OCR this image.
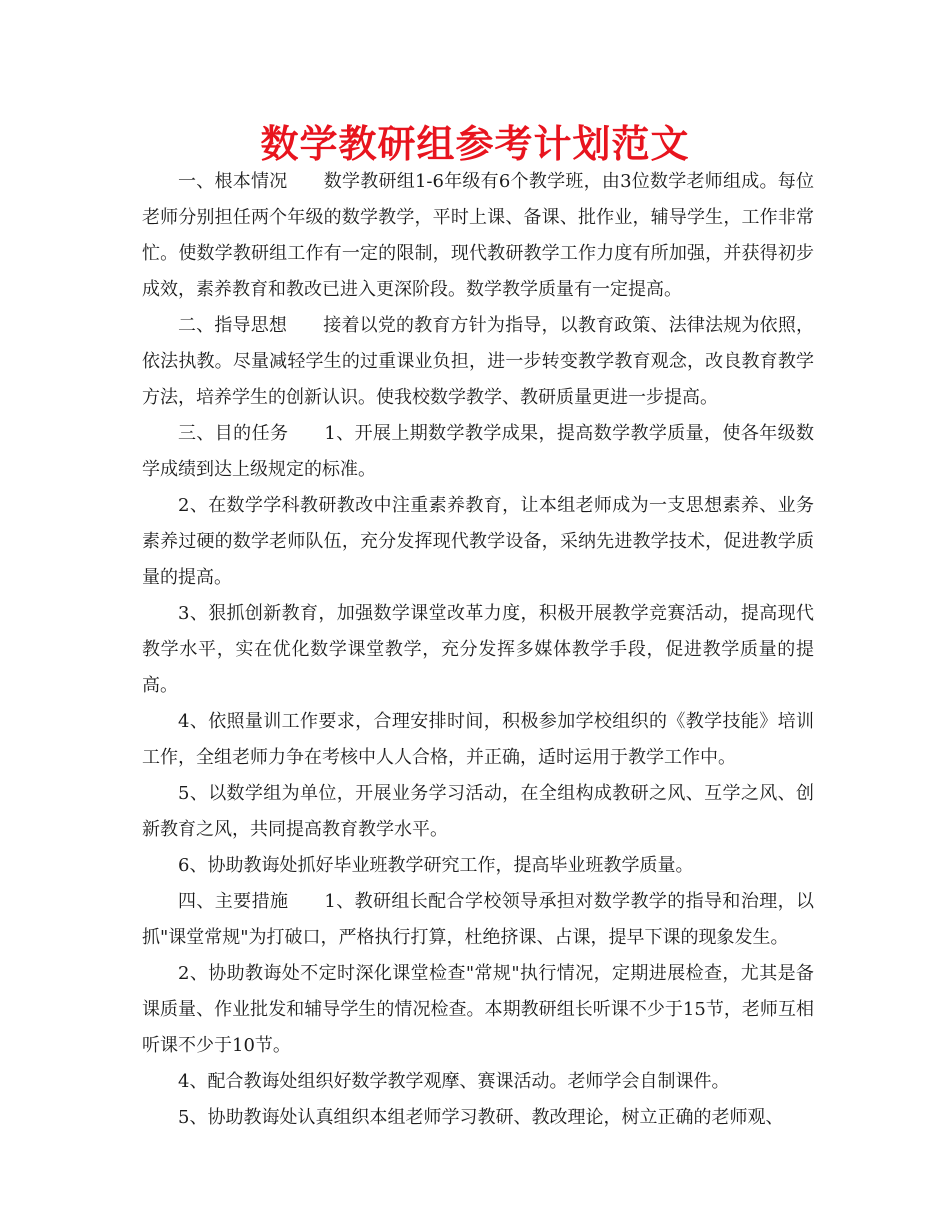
数学教研组参考计划范文

一、根本情况 数学教研组1-6年级有6个教学班，由3位数学老师组成。每位老师分别担任两个年级的数学教学，平时上课、备课、批作业，辅导学生，工作非常忙。使数学教研组工作有一定的限制，现代教研教学工作力度有所加强，并获得初步成效，素养教育和教改已进入更深阶段。数学教学质量有一定提高。

二、指导思想 接着以党的教育方针为指导，以教育政策、法律法规为依照，依法执教。尽量减轻学生的过重课业负担，进一步转变教学教育观念，改良教育教学方法，培养学生的创新认识。使我校数学教学、教研质量更进一步提高。

三、目的任务 1、开展上期数学教学成果，提高数学教学质量，使各年级数学成绩到达上级规定的标准。

2、在数学学科教研教改中注重素养教育，让本组老师成为一支思想素养、业务素养过硬的数学老师队伍，充分发挥现代教学设备，采纳先进教学技术，促进教学质量的提高。

3、狠抓创新教育，加强数学课堂改革力度，积极开展教学竞赛活动，提高现代教学水平，实在优化数学课堂教学，充分发挥多媒体教学手段，促进教学质量的提高。

4、依照量训工作要求，合理安排时间，积极参加学校组织的《教学技能》培训工作，全组老师力争在考核中人人合格，并正确，适时运用于教学工作中。

5、以数学组为单位，开展业务学习活动，在全组构成教研之风、互学之风、创新教育之风，共同提高教育教学水平。

6、协助教诲处抓好毕业班教学研究工作，提高毕业班教学质量。

四、主要措施 1、教研组长配合学校领导承担对数学教学的指导和治理，以抓"课堂常规"为打破口，严格执行打算，杜绝挤课、占课，提早下课的现象发生。

2、协助教诲处不定时深化课堂检查"常规"执行情况，定期进展检查，尤其是备课质量、作业批发和辅导学生的情况检查。本期教研组长听课不少于15节，老师互相听课不少于10节。

4、配合教诲处组织好数学教学观摩、赛课活动。老师学会自制课件。

5、协助教诲处认真组织本组老师学习教研、教改理论，树立正确的老师观、
